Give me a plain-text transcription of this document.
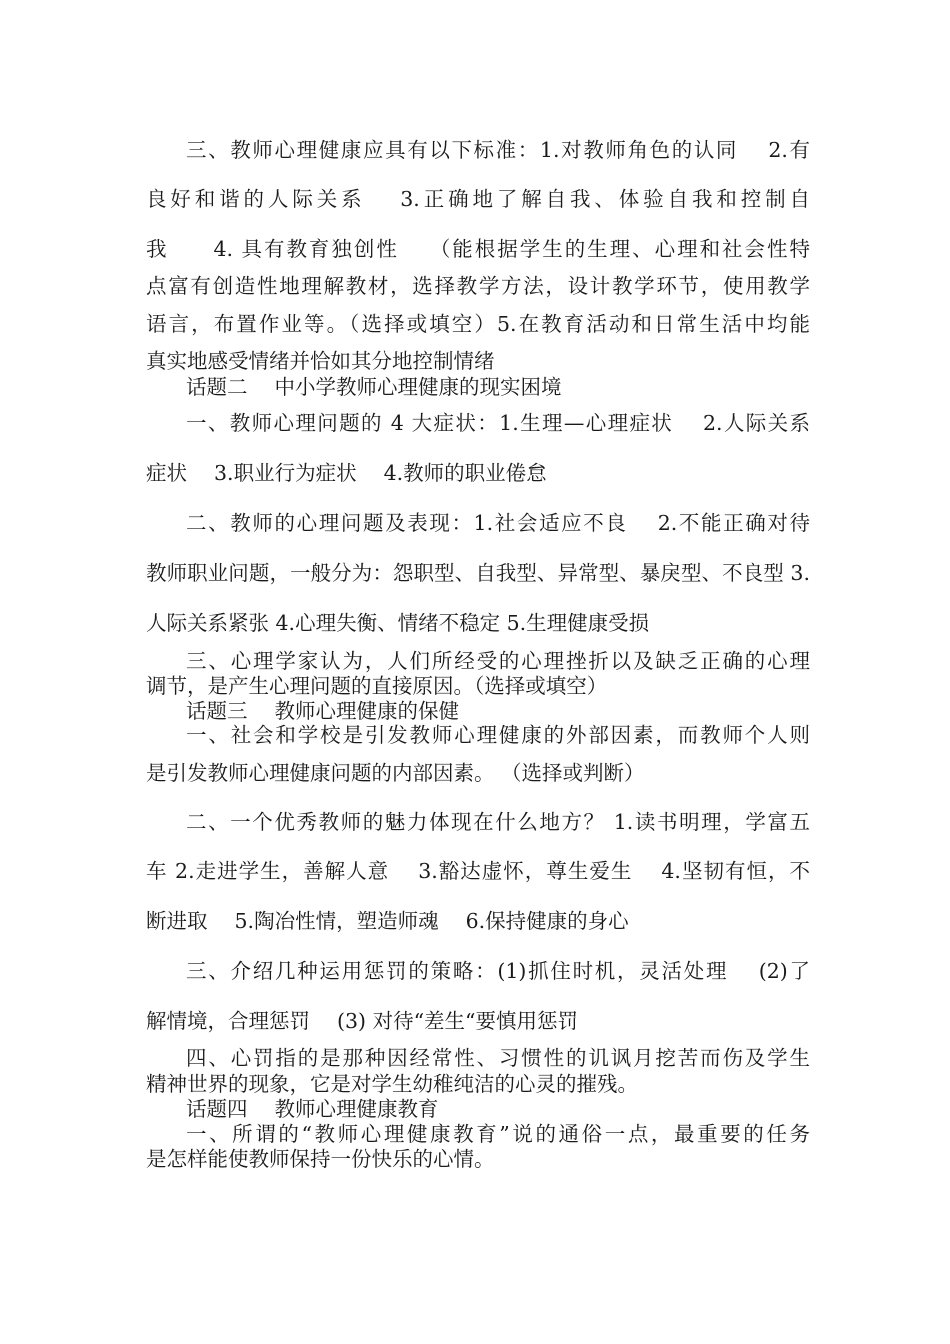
三、教师心理健康应具有以下标准：1.对教师角色的认同　 2.有

良好和谐的人际关系　 3.正确地了解自我、体验自我和控制自

我　　4. 具有教育独创性　 （能根据学生的生理、心理和社会性特

点富有创造性地理解教材，选择教学方法，设计教学环节，使用教学

语言，布置作业等。（选择或填空）5.在教育活动和日常生活中均能

真实地感受情绪并恰如其分地控制情绪

话题二　 中小学教师心理健康的现实困境

一、教师心理问题的 4 大症状：1.生理—心理症状　 2.人际关系

症状　 3.职业行为症状　 4.教师的职业倦怠

二、教师的心理问题及表现：1.社会适应不良　 2.不能正确对待

教师职业问题，一般分为：怨职型、自我型、异常型、暴戾型、不良型 3.

人际关系紧张 4.心理失衡、情绪不稳定 5.生理健康受损

三、心理学家认为，人们所经受的心理挫折以及缺乏正确的心理

调节，是产生心理问题的直接原因。（选择或填空）

话题三　 教师心理健康的保健

一、社会和学校是引发教师心理健康的外部因素，而教师个人则

是引发教师心理健康问题的内部因素。 （选择或判断）

二、一个优秀教师的魅力体现在什么地方？ 1.读书明理，学富五

车 2.走进学生，善解人意　 3.豁达虚怀，尊生爱生　 4.坚韧有恒，不

断进取　 5.陶冶性情，塑造师魂　 6.保持健康的身心

三、介绍几种运用惩罚的策略：(1)抓住时机，灵活处理　 (2)了

解情境，合理惩罚　 (3) 对待“差生“要慎用惩罚

四、心罚指的是那种因经常性、习惯性的讥讽月挖苦而伤及学生

精神世界的现象，它是对学生幼稚纯洁的心灵的摧残。

话题四　 教师心理健康教育

一、所谓的“教师心理健康教育”说的通俗一点，最重要的任务

是怎样能使教师保持一份快乐的心情。
